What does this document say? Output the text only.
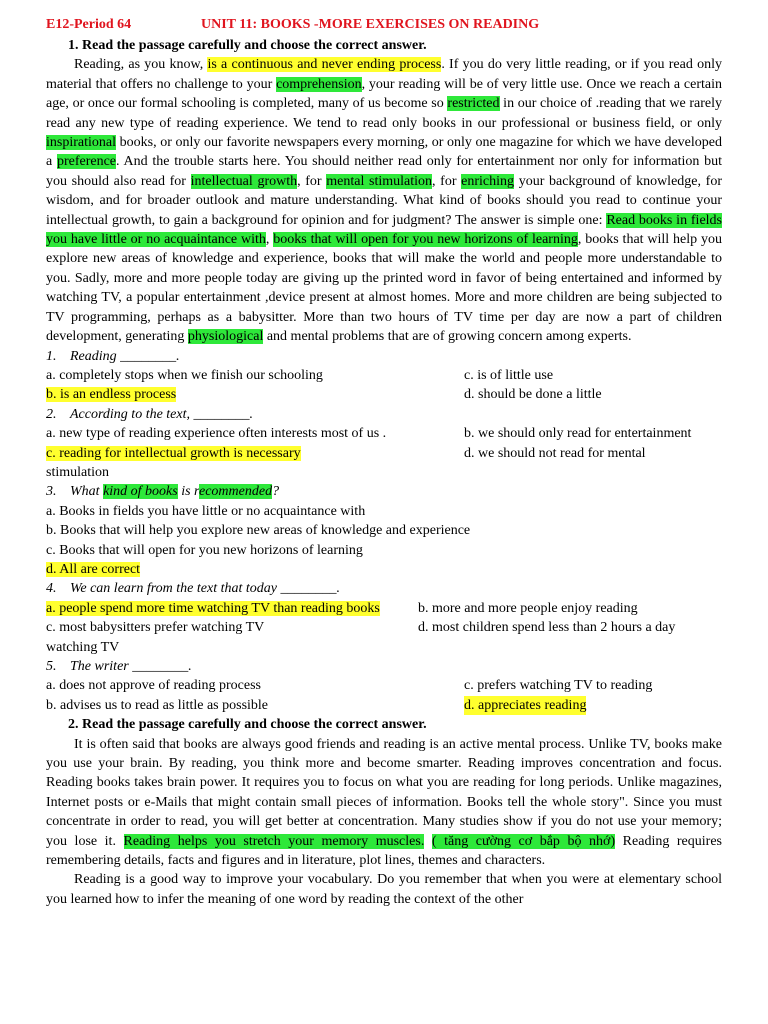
E12-Period 64	UNIT 11: BOOKS -MORE EXERCISES ON READING
1. Read the passage carefully and choose the correct answer.

Reading, as you know, is a continuous and never ending process. If you do very little reading, or if you read only material that offers no challenge to your comprehension, your reading will be of very little use. Once we reach a certain age, or once our formal schooling is completed, many of us become so restricted in our choice of .reading that we rarely read any new type of reading experience. We tend to read only books in our professional or business field, or only inspirational books, or only our favorite newspapers every morning, or only one magazine for which we have developed a preference. And the trouble starts here. You should neither read only for entertainment nor only for information but you should also read for intellectual growth, for mental stimulation, for enriching your background of knowledge, for wisdom, and for broader outlook and mature understanding. What kind of books should you read to continue your intellectual growth, to gain a background for opinion and for judgment? The answer is simple one: Read books in fields you have little or no acquaintance with, books that will open for you new horizons of learning, books that will help you explore new areas of knowledge and experience, books that will make the world and people more understandable to you. Sadly, more and more people today are giving up the printed word in favor of being entertained and informed by watching TV, a popular entertainment ,device present at almost homes. More and more children are being subjected to TV programming, perhaps as a babysitter. More than two hours of TV time per day are now a part of children development, generating physiological and mental problems that are of growing concern among experts.

1. Reading ________.
a. completely stops when we finish our schooling	c. is of little use
b. is an endless process	d. should be done a little
2. According to the text, ________.
a. new type of reading experience often interests most of us .	b. we should only read for entertainment
c. reading for intellectual growth is necessary	d. we should not read for mental
stimulation
3. What kind of books is recommended?
a. Books in fields you have little or no acquaintance with
b. Books that will help you explore new areas of knowledge and experience
c. Books that will open for you new horizons of learning
d. All are correct
4. We can learn from the text that today ________.
a. people spend more time watching TV than reading books	b. more and more people enjoy reading
c. most babysitters prefer watching TV	d. most children spend less than 2 hours a day
watching TV
5. The writer ________.
a. does not approve of reading process	c. prefers watching TV to reading
b. advises us to read as little as possible	d. appreciates reading
2. Read the passage carefully and choose the correct answer.

It is often said that books are always good friends and reading is an active mental process. Unlike TV, books make you use your brain. By reading, you think more and become smarter. Reading improves concentration and focus. Reading books takes brain power. It requires you to focus on what you are reading for long periods. Unlike magazines, Internet posts or e-Mails that might contain small pieces of information. Books tell the whole story". Since you must concentrate in order to read, you will get better at concentration. Many studies show if you do not use your memory; you lose it. Reading helps you stretch your memory muscles. ( tăng cường cơ bắp bộ nhớ) Reading requires remembering details, facts and figures and in literature, plot lines, themes and characters.

Reading is a good way to improve your vocabulary. Do you remember that when you were at elementary school you learned how to infer the meaning of one word by reading the context of the other
